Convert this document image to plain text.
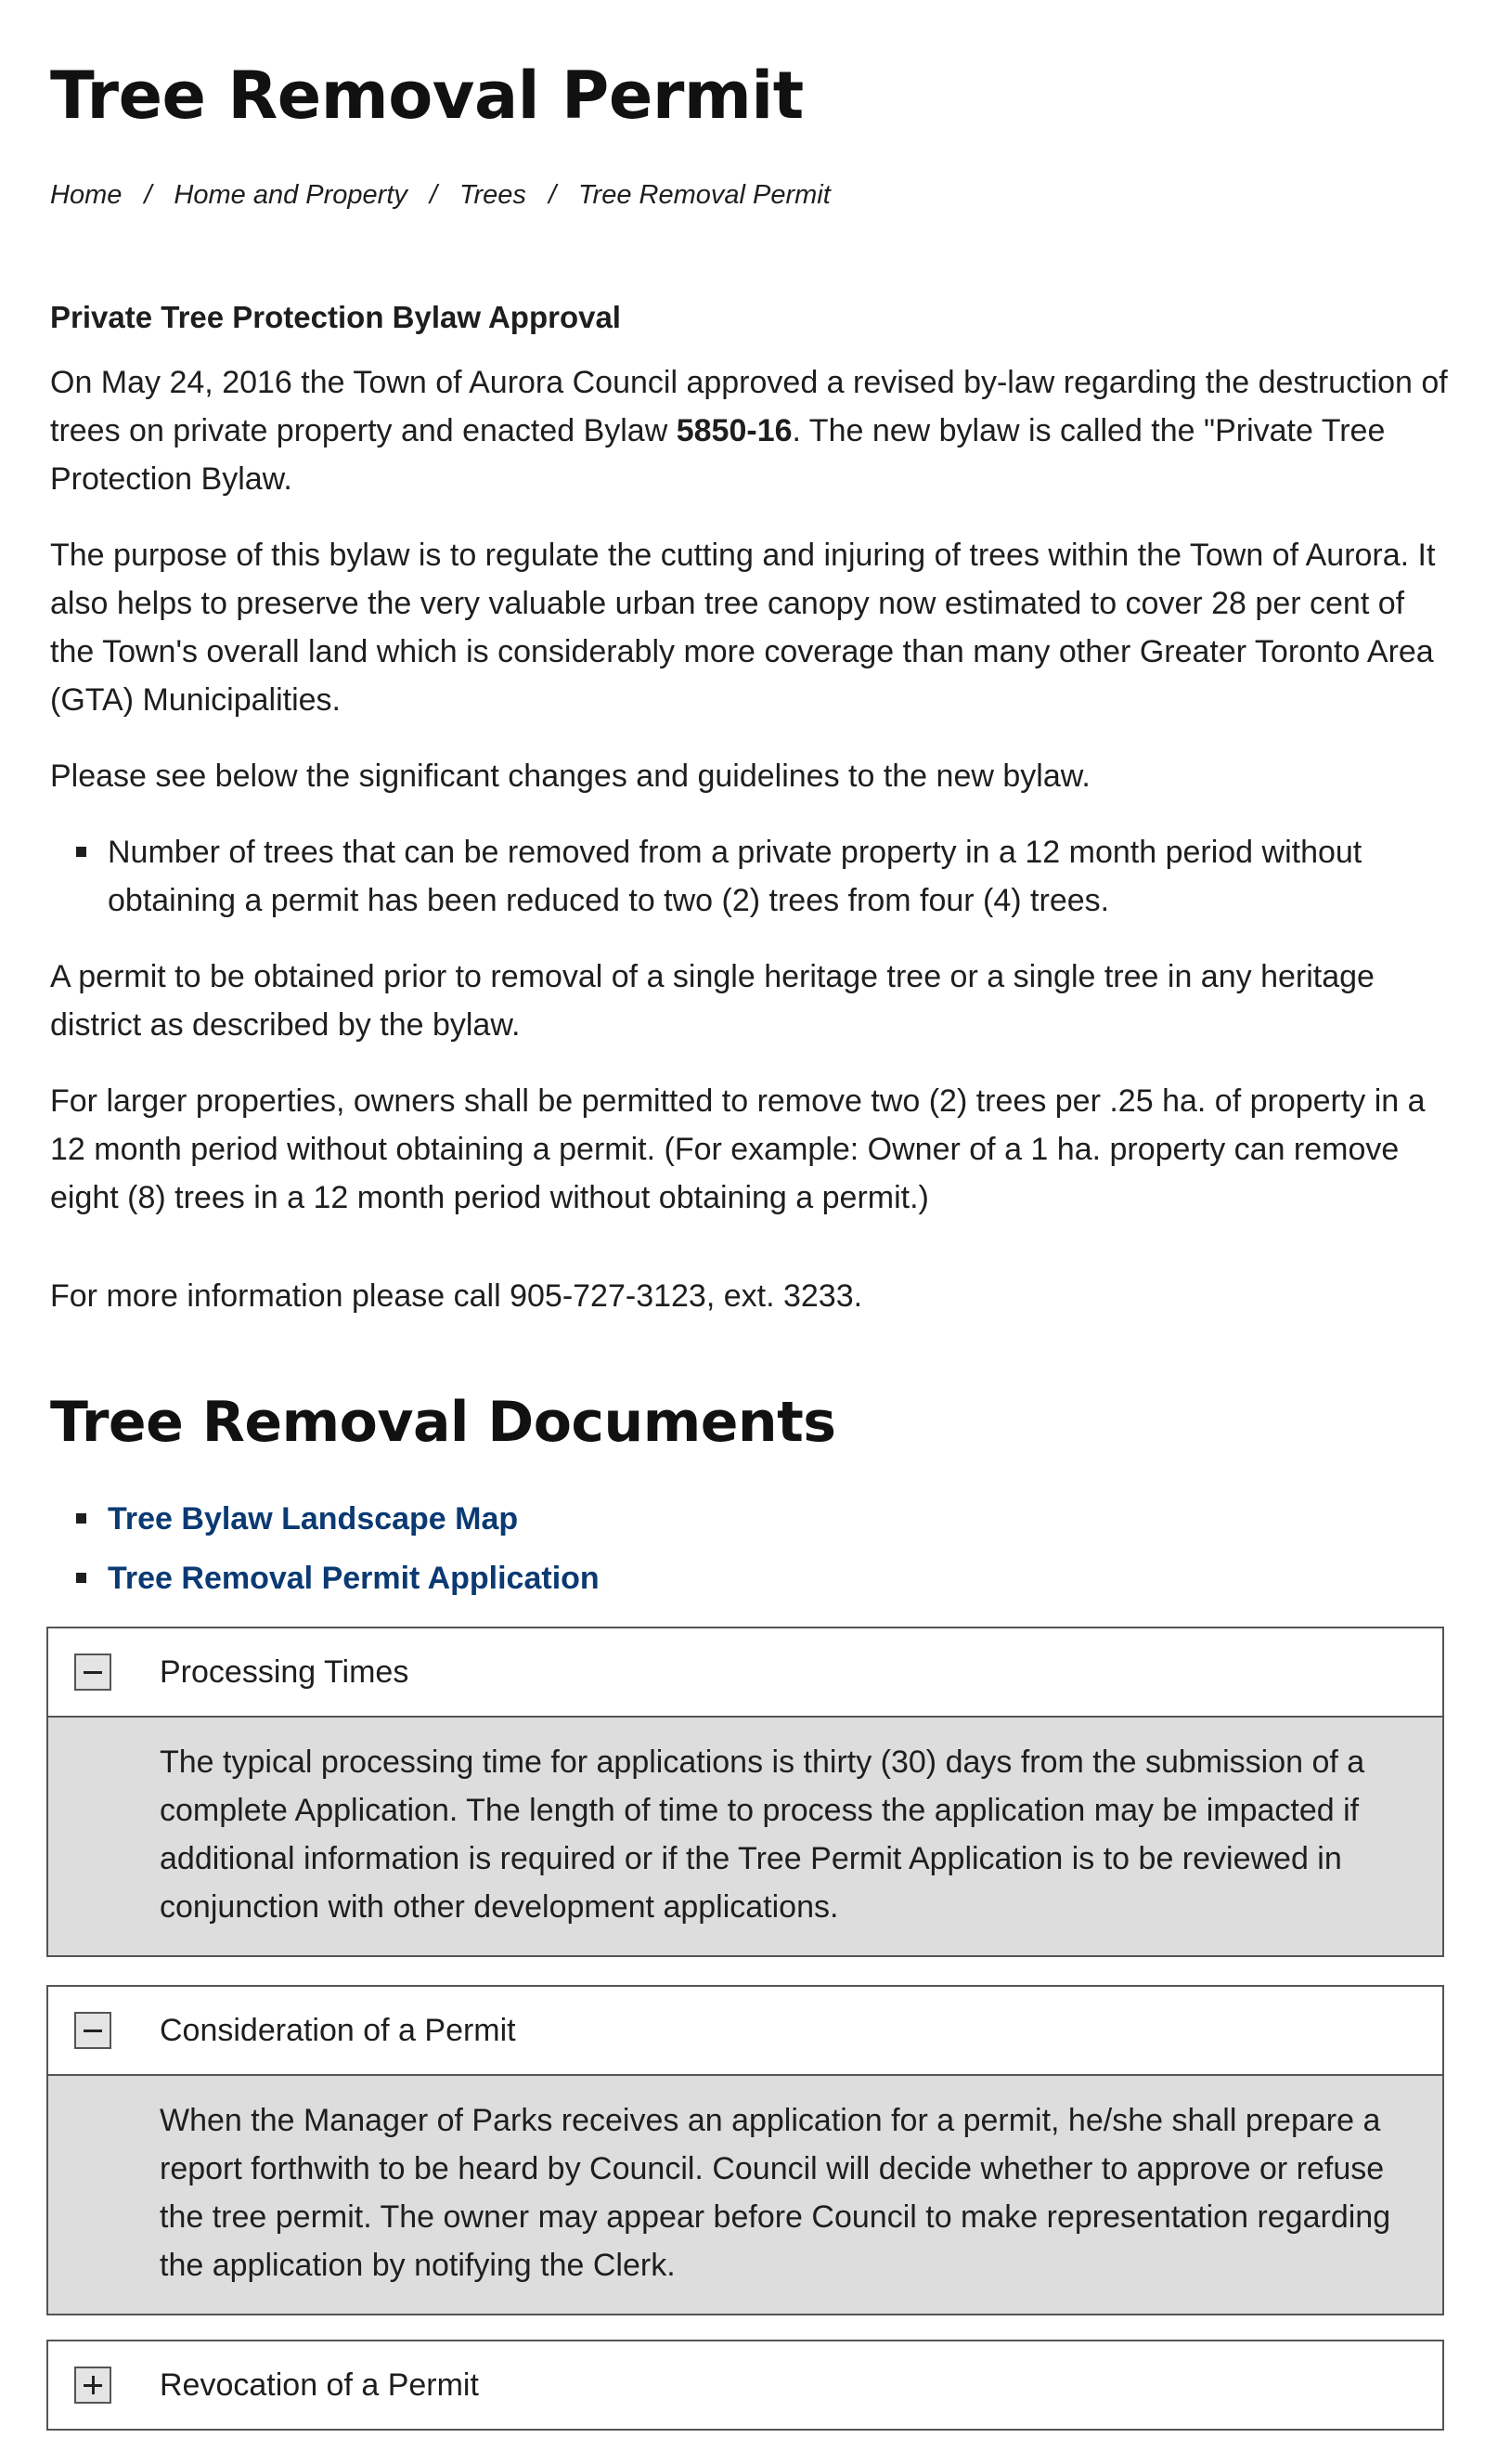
Tree Removal Permit
Home / Home and Property / Trees / Tree Removal Permit

Private Tree Protection Bylaw Approval

On May 24, 2016 the Town of Aurora Council approved a revised by-law regarding the destruction of trees on private property and enacted Bylaw 5850-16. The new bylaw is called the "Private Tree Protection Bylaw.

The purpose of this bylaw is to regulate the cutting and injuring of trees within the Town of Aurora. It also helps to preserve the very valuable urban tree canopy now estimated to cover 28 per cent of the Town's overall land which is considerably more coverage than many other Greater Toronto Area (GTA) Municipalities.

Please see below the significant changes and guidelines to the new bylaw.

Number of trees that can be removed from a private property in a 12 month period without obtaining a permit has been reduced to two (2) trees from four (4) trees.

A permit to be obtained prior to removal of a single heritage tree or a single tree in any heritage district as described by the bylaw.

For larger properties, owners shall be permitted to remove two (2) trees per .25 ha. of property in a 12 month period without obtaining a permit. (For example: Owner of a 1 ha. property can remove eight (8) trees in a 12 month period without obtaining a permit.)

For more information please call 905-727-3123, ext. 3233.

Tree Removal Documents
Tree Bylaw Landscape Map
Tree Removal Permit Application
Processing Times
The typical processing time for applications is thirty (30) days from the submission of a complete Application. The length of time to process the application may be impacted if additional information is required or if the Tree Permit Application is to be reviewed in conjunction with other development applications.
Consideration of a Permit
When the Manager of Parks receives an application for a permit, he/she shall prepare a report forthwith to be heard by Council. Council will decide whether to approve or refuse the tree permit. The owner may appear before Council to make representation regarding the application by notifying the Clerk.
Revocation of a Permit
